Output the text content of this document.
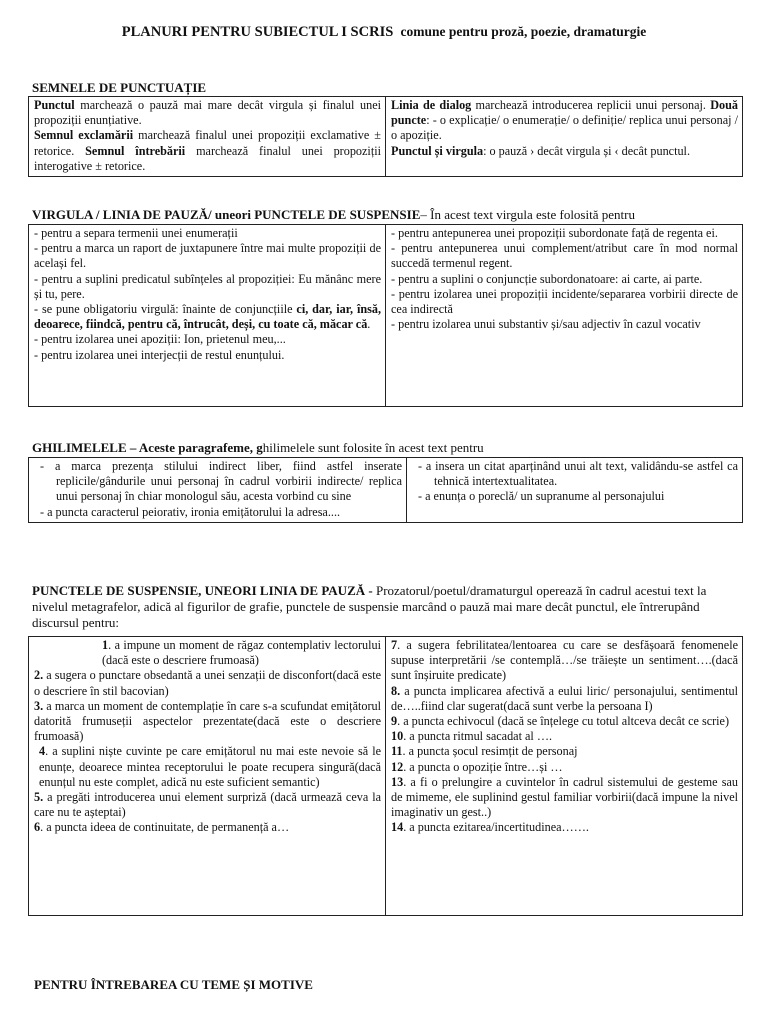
PLANURI PENTRU SUBIECTUL I SCRIS comune pentru proză, poezie, dramaturgie
SEMNELE DE PUNCTUAȚIE
Punctul marchează o pauză mai mare decât virgula și finalul unei propoziții enunțiative.
Semnul exclamării marchează finalul unei propoziții exclamative ± retorice. Semnul întrebării marchează finalul unei propoziții interogative ± retorice.

Linia de dialog marchează introducerea replicii unui personaj. Două puncte: - o explicație/ o enumerație/ o definiție/ replica unui personaj / o apoziție.
Punctul și virgula: o pauză › decât virgula și ‹ decât punctul.
VIRGULA / LINIA DE PAUZĂ/ uneori PUNCTELE DE SUSPENSIE– În acest text virgula este folosită pentru
- pentru a separa termenii unei enumerații
- pentru a marca un raport de juxtapunere între mai multe propoziții de același fel.
- pentru a suplini predicatul subînțeles al propoziției: Eu mănânc mere și tu, pere.
- se pune obligatoriu virgulă: înainte de conjuncțiile ci, dar, iar, însă, deoarece, fiindcă, pentru că, întrucât, deși, cu toate că, măcar că.
- pentru izolarea unei apoziții: Ion, prietenul meu,...
- pentru izolarea unei interjecții de restul enunțului.

- pentru antepunerea unei propoziții subordonate față de regenta ei.
- pentru antepunerea unui complement/atribut care în mod normal succedă termenul regent.
- pentru a suplini o conjuncție subordonatoare: ai carte, ai parte.
- pentru izolarea unei propoziții incidente/separarea vorbirii directe de cea indirectă
- pentru izolarea unui substantiv și/sau adjectiv în cazul vocativ
GHILIMELELE – Aceste paragrafeme, ghilimelele sunt folosite în acest text pentru
- a marca prezența stilului indirect liber, fiind astfel inserate replicile/gândurile unui personaj în cadrul vorbirii indirecte/ replica unui personaj în chiar monologul său, acesta vorbind cu sine
- a puncta caracterul peiorativ, ironia emițătorului la adresa....

- a insera un citat aparținând unui alt text, validându-se astfel ca tehnică intertextualitatea.
- a enunța o poreclă/ un supranume al personajului
PUNCTELE DE SUSPENSIE, UNEORI LINIA DE PAUZĂ - Prozatorul/poetul/dramaturgul operează în cadrul acestui text la nivelul metagrafelor, adică al figurilor de grafie, punctele de suspensie marcând o pauză mai mare decât punctul, ele întrerupând discursul pentru:
1. a impune un moment de răgaz contemplativ lectorului (dacă este o descriere frumoasă)
2. a sugera o punctare obsedantă a unei senzații de disconfort(dacă este o descriere în stil bacovian)
3. a marca un moment de contemplație în care s-a scufundat emițătorul datorită frumuseții aspectelor prezentate(dacă este o descriere frumoasă)
4. a suplini niște cuvinte pe care emițătorul nu mai este nevoie să le enunțe, deoarece mintea receptorului le poate recupera singură(dacă enunțul nu este complet, adică nu este suficient semantic)
5. a pregăti introducerea unui element surpriză (dacă urmează ceva la care nu te așteptai)
6. a puncta ideea de continuitate, de permanență a…

7. a sugera febrilitatea/lentoarea cu care se desfășoară fenomenele supuse interpretării /se contemplă…/se trăiește un sentiment….(dacă sunt înșiruite predicate)
8. a puncta implicarea afectivă a eului liric/ personajului, sentimentul de…..fiind clar sugerat(dacă sunt verbe la persoana I)
9. a puncta echivocul (dacă se înțelege cu totul altceva decât ce scrie)
10. a puncta ritmul sacadat al ….
11. a puncta șocul resimțit de personaj
12. a puncta o opoziție între…și …
13. a fi o prelungire a cuvintelor în cadrul sistemului de gesteme sau de mimeme, ele suplinind gestul familiar vorbirii(dacă impune la nivel imaginativ un gest..)
14. a puncta ezitarea/incertitudinea…….
PENTRU ÎNTREBAREA CU TEME ȘI MOTIVE
